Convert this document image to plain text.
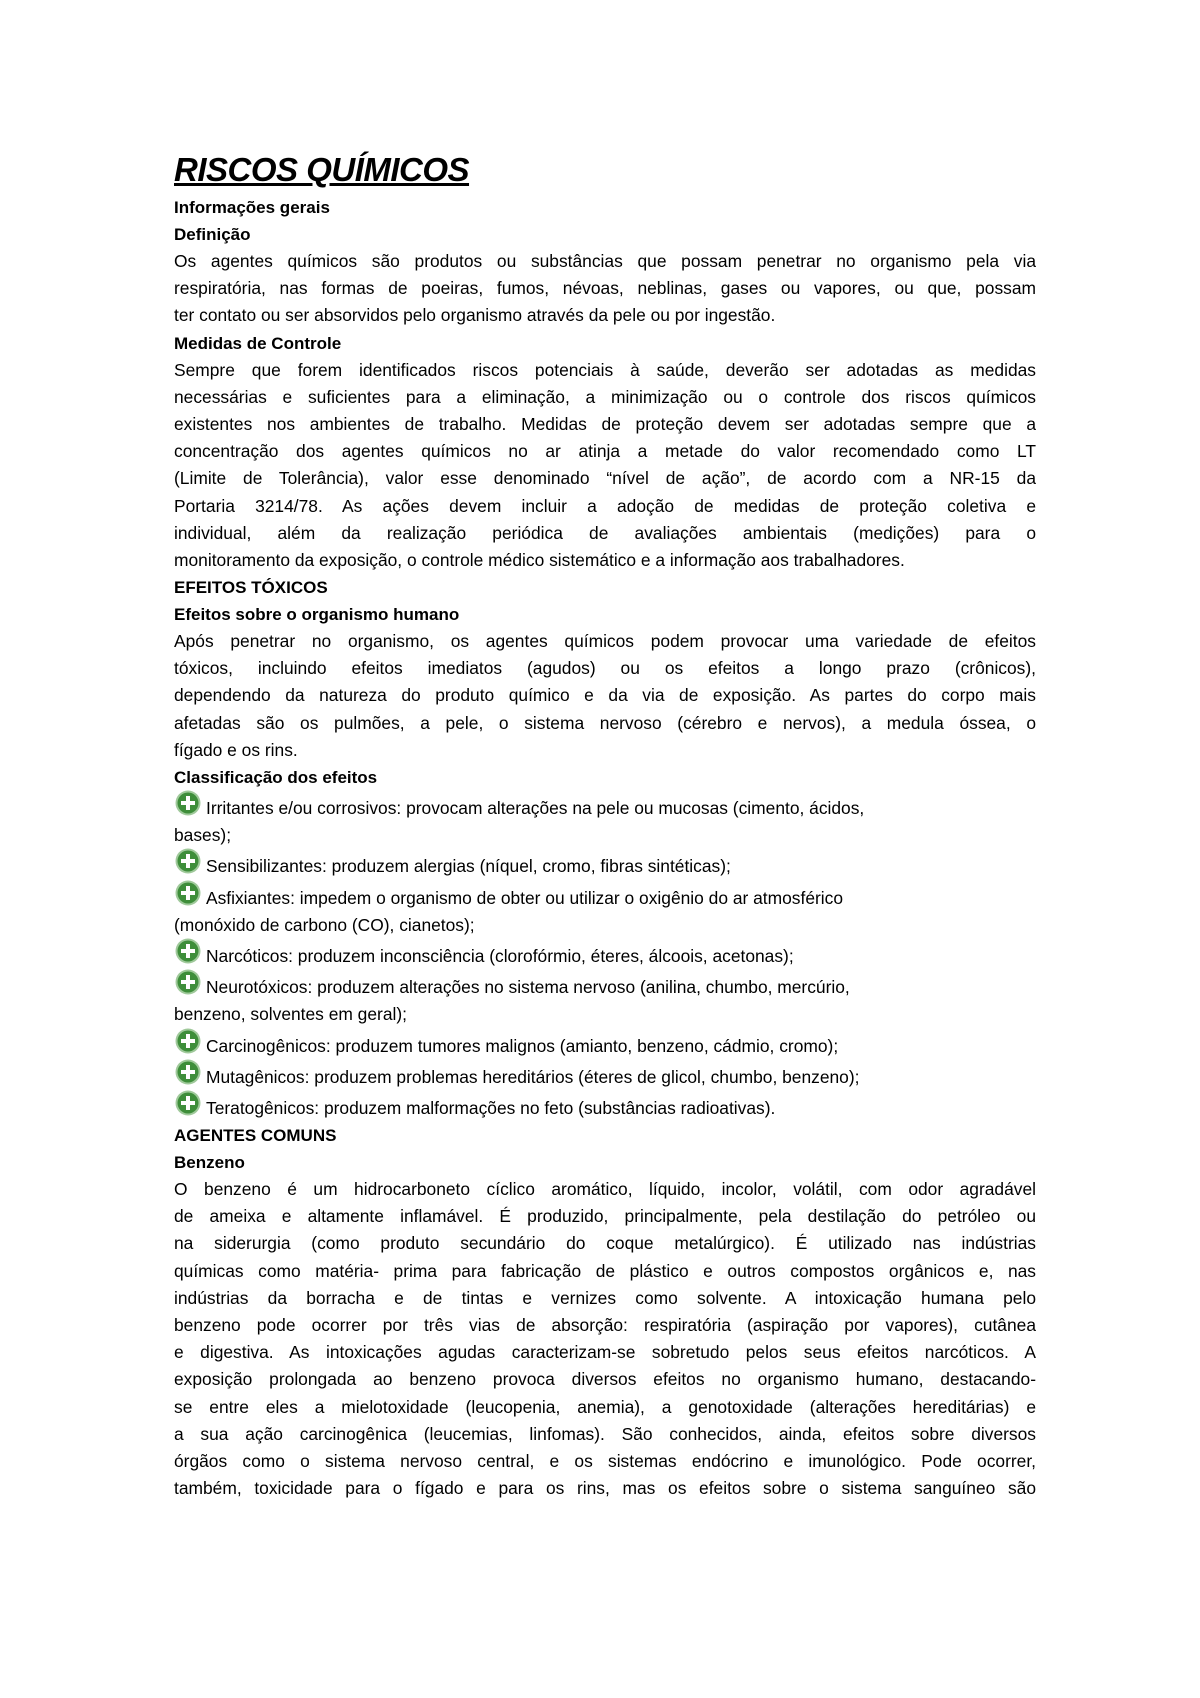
RISCOS QUÍMICOS
Informações gerais
Definição
Os agentes químicos são produtos ou substâncias que possam penetrar no organismo pela via
respiratória, nas formas de poeiras, fumos, névoas, neblinas, gases ou vapores, ou que, possam
ter contato ou ser absorvidos pelo organismo através da pele ou por ingestão.
Medidas de Controle
Sempre que forem identificados riscos potenciais à saúde, deverão ser adotadas as medidas
necessárias e suficientes para a eliminação, a minimização ou o controle dos riscos químicos
existentes nos ambientes de trabalho. Medidas de proteção devem ser adotadas sempre que a
concentração dos agentes químicos no ar atinja a metade do valor recomendado como LT
(Limite de Tolerância), valor esse denominado “nível de ação”, de acordo com a NR-15 da
Portaria 3214/78. As ações devem incluir a adoção de medidas de proteção coletiva e
individual, além da realização periódica de avaliações ambientais (medições) para o
monitoramento da exposição, o controle médico sistemático e a informação aos trabalhadores.
EFEITOS TÓXICOS
Efeitos sobre o organismo humano
Após penetrar no organismo, os agentes químicos podem provocar uma variedade de efeitos
tóxicos, incluindo efeitos imediatos (agudos) ou os efeitos a longo prazo (crônicos),
dependendo da natureza do produto químico e da via de exposição. As partes do corpo mais
afetadas são os pulmões, a pele, o sistema nervoso (cérebro e nervos), a medula óssea, o
fígado e os rins.
Classificação dos efeitos
Irritantes e/ou corrosivos: provocam alterações na pele ou mucosas (cimento, ácidos,
bases);
Sensibilizantes: produzem alergias (níquel, cromo, fibras sintéticas);
Asfixiantes: impedem o organismo de obter ou utilizar o oxigênio do ar atmosférico
(monóxido de carbono (CO), cianetos);
Narcóticos: produzem inconsciência (clorofórmio, éteres, álcoois, acetonas);
Neurotóxicos: produzem alterações no sistema nervoso (anilina, chumbo, mercúrio,
benzeno, solventes em geral);
Carcinogênicos: produzem tumores malignos (amianto, benzeno, cádmio, cromo);
Mutagênicos: produzem problemas hereditários (éteres de glicol, chumbo, benzeno);
Teratogênicos: produzem malformações no feto (substâncias radioativas).
AGENTES COMUNS
Benzeno
O benzeno é um hidrocarboneto cíclico aromático, líquido, incolor, volátil, com odor agradável
de ameixa e altamente inflamável. É produzido, principalmente, pela destilação do petróleo ou
na siderurgia (como produto secundário do coque metalúrgico). É utilizado nas indústrias
químicas como matéria- prima para fabricação de plástico e outros compostos orgânicos e, nas
indústrias da borracha e de tintas e vernizes como solvente. A intoxicação humana pelo
benzeno pode ocorrer por três vias de absorção: respiratória (aspiração por vapores), cutânea
e digestiva. As intoxicações agudas caracterizam-se sobretudo pelos seus efeitos narcóticos. A
exposição prolongada ao benzeno provoca diversos efeitos no organismo humano, destacando-
se entre eles a mielotoxidade (leucopenia, anemia), a genotoxidade (alterações hereditárias) e
a sua ação carcinogênica (leucemias, linfomas). São conhecidos, ainda, efeitos sobre diversos
órgãos como o sistema nervoso central, e os sistemas endócrino e imunológico. Pode ocorrer,
também, toxicidade para o fígado e para os rins, mas os efeitos sobre o sistema sanguíneo são
